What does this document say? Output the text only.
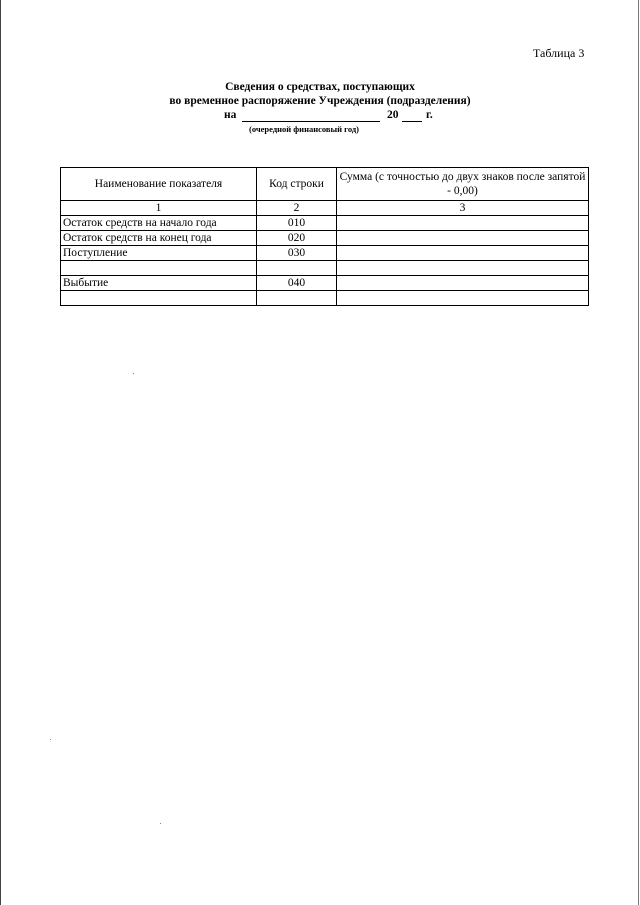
Таблица 3
Сведения о средствах, поступающих
во временное распоряжение Учреждения (подразделения)
на	20 г.
(очередной финансовый год)
Наименование показателя	Код строки	Сумма (с точностью до двух знаков после запятой - 0,00)
1	2	3
Остаток средств на начало года	010	
Остаток средств на конец года	020	
Поступление	030	

Выбытие	040	
